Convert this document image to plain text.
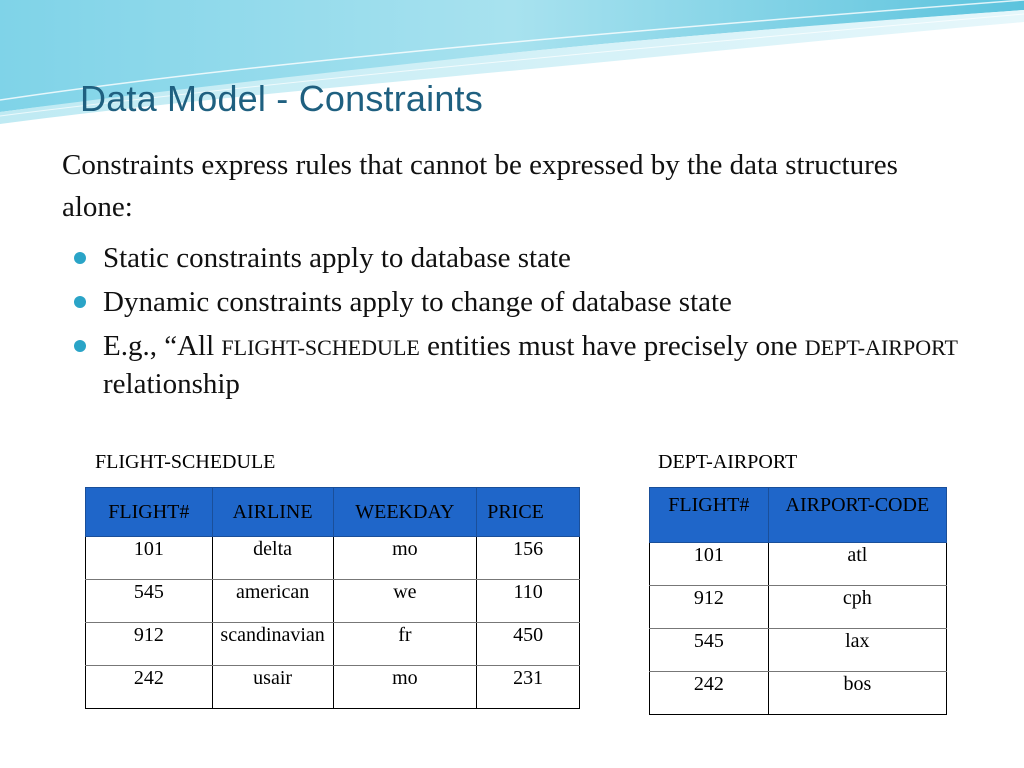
Data Model - Constraints
Constraints express rules that cannot be expressed by the data structures alone:
Static constraints apply to database state
Dynamic constraints apply to change of database state
E.g., “All FLIGHT-SCHEDULE entities must have precisely one DEPT-AIRPORT relationship
FLIGHT-SCHEDULE	DEPT-AIRPORT
FLIGHT#	AIRLINE	WEEKDAY	PRICE
101	delta	mo	156
545	american	we	110
912	scandinavian	fr	450
242	usair	mo	231
FLIGHT#	AIRPORT-CODE
101	atl
912	cph
545	lax
242	bos
